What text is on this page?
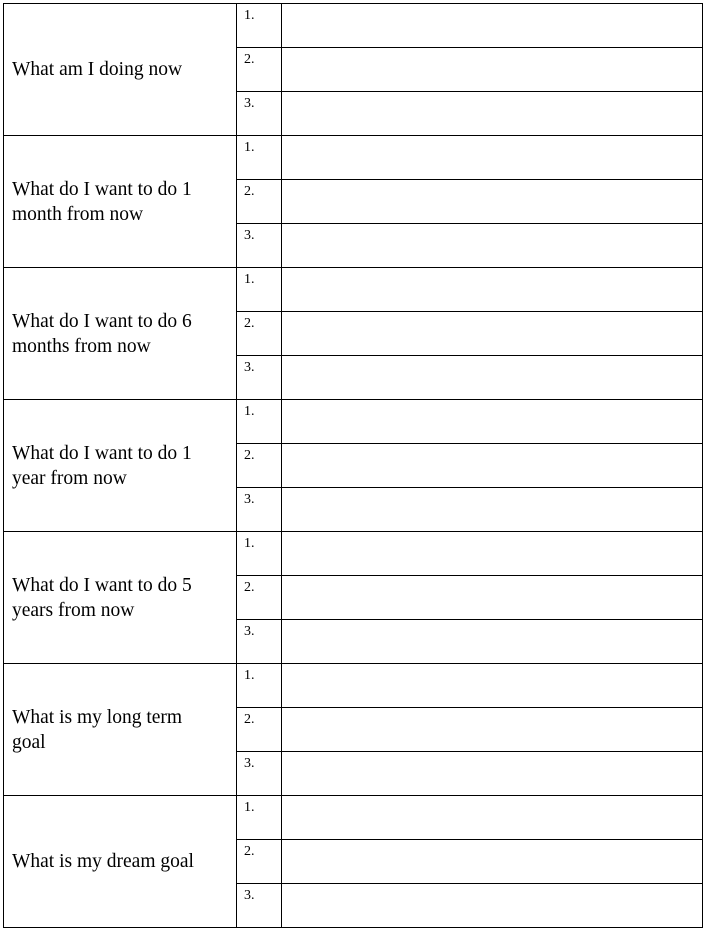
What am I doing now	1.	
	2.	
	3.	
What do I want to do 1 month from now	1.	
	2.	
	3.	
What do I want to do 6 months from now	1.	
	2.	
	3.	
What do I want to do 1 year from now	1.	
	2.	
	3.	
What do I want to do 5 years from now	1.	
	2.	
	3.	
What is my long term goal	1.	
	2.	
	3.	
What is my dream goal	1.	
	2.	
	3.	
